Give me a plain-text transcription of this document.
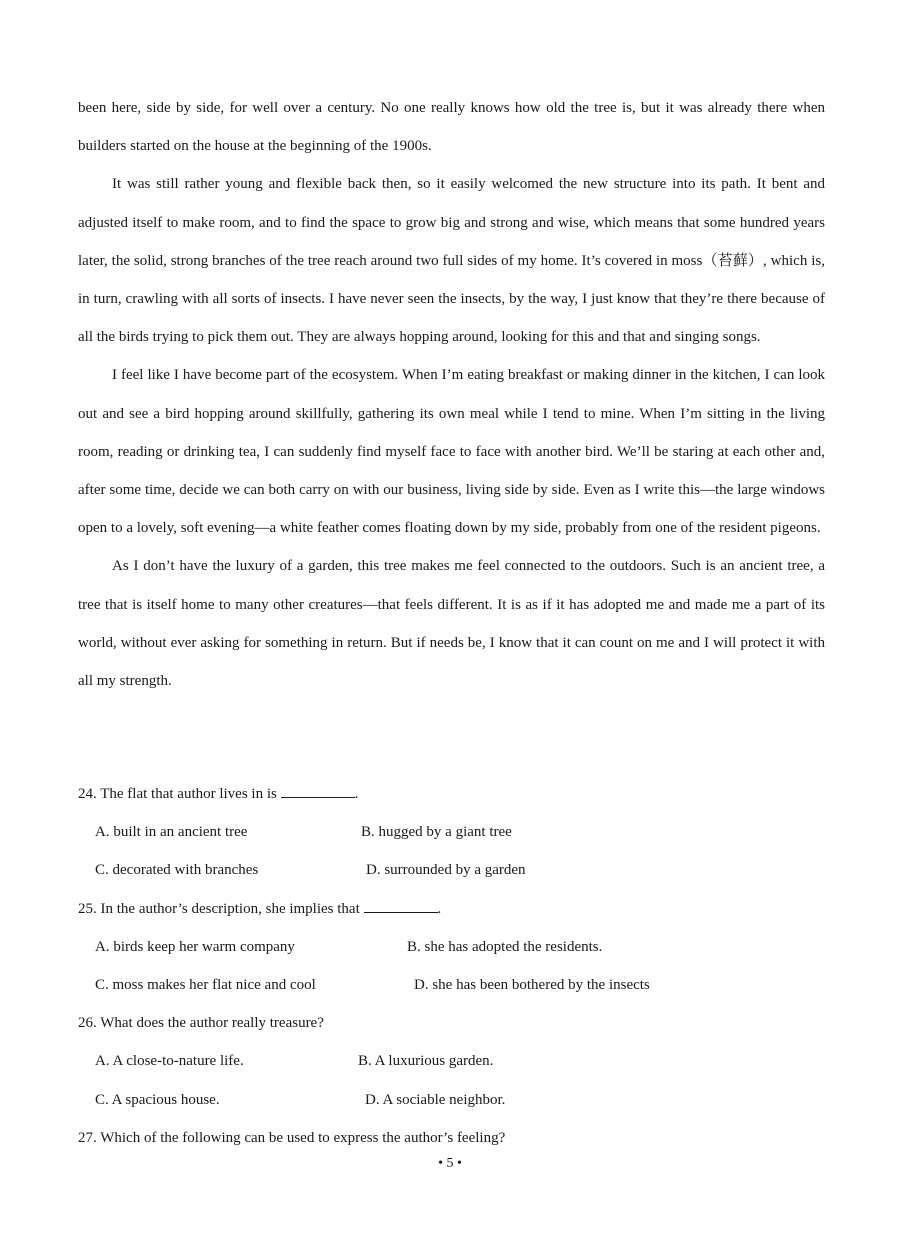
been here, side by side, for well over a century. No one really knows how old the tree is, but it was already there when builders started on the house at the beginning of the 1900s.

It was still rather young and flexible back then, so it easily welcomed the new structure into its path. It bent and adjusted itself to make room, and to find the space to grow big and strong and wise, which means that some hundred years later, the solid, strong branches of the tree reach around two full sides of my home. It’s covered in moss（苔藓）, which is, in turn, crawling with all sorts of insects. I have never seen the insects, by the way, I just know that they’re there because of all the birds trying to pick them out. They are always hopping around, looking for this and that and singing songs.

I feel like I have become part of the ecosystem. When I’m eating breakfast or making dinner in the kitchen, I can look out and see a bird hopping around skillfully, gathering its own meal while I tend to mine. When I’m sitting in the living room, reading or drinking tea, I can suddenly find myself face to face with another bird. We’ll be staring at each other and, after some time, decide we can both carry on with our business, living side by side. Even as I write this—the large windows open to a lovely, soft evening—a white feather comes floating down by my side, probably from one of the resident pigeons.

As I don’t have the luxury of a garden, this tree makes me feel connected to the outdoors. Such is an ancient tree, a tree that is itself home to many other creatures—that feels different. It is as if it has adopted me and made me a part of its world, without ever asking for something in return. But if needs be, I know that it can count on me and I will protect it with all my strength.

24. The flat that author lives in is	.
A. built in an ancient tree	B. hugged by a giant tree
C. decorated with branches	D. surrounded by a garden
25. In the author’s description, she implies that	.
A. birds keep her warm company	B. she has adopted the residents.
C. moss makes her flat nice and cool	D. she has been bothered by the insects
26. What does the author really treasure?
A. A close-to-nature life.	B. A luxurious garden.
C. A spacious house.	D. A sociable neighbor.
27. Which of the following can be used to express the author’s feeling?
• 5 •
